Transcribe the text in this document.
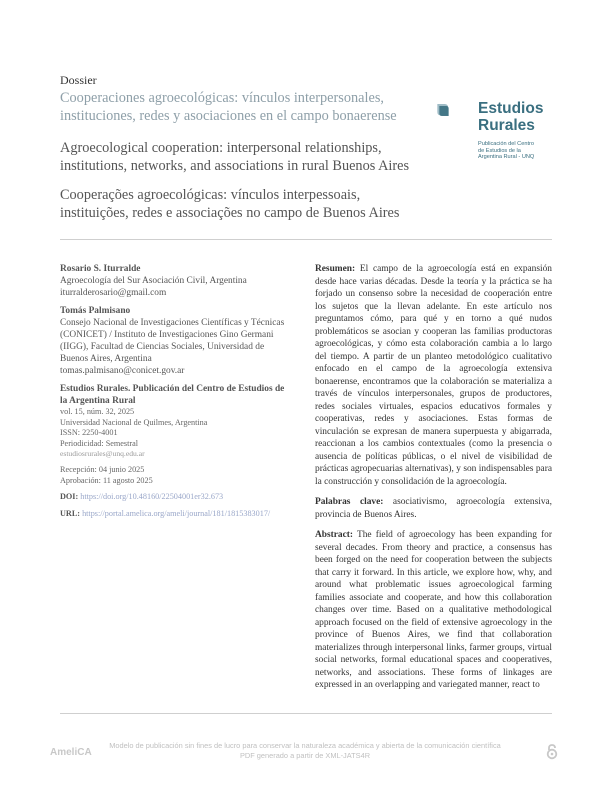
Dossier
Cooperaciones agroecológicas: vínculos interpersonales, instituciones, redes y asociaciones en el campo bonaerense
Agroecological cooperation: interpersonal relationships, institutions, networks, and associations in rural Buenos Aires
Cooperações agroecológicas: vínculos interpessoais, instituições, redes e associações no campo de Buenos Aires
Estudios
Rurales
Publicación del Centro
de Estudios de la
Argentina Rural - UNQ
Rosario S. Iturralde
Agroecología del Sur Asociación Civil, Argentina
iturralderosario@gmail.com
Tomás Palmisano
Consejo Nacional de Investigaciones Científicas y Técnicas (CONICET) / Instituto de Investigaciones Gino Germani (IIGG), Facultad de Ciencias Sociales, Universidad de Buenos Aires, Argentina
tomas.palmisano@conicet.gov.ar
Estudios Rurales. Publicación del Centro de Estudios de la Argentina Rural
vol. 15, núm. 32, 2025
Universidad Nacional de Quilmes, Argentina
ISSN: 2250-4001
Periodicidad: Semestral
estudiosrurales@unq.edu.ar
Recepción: 04 junio 2025
Aprobación: 11 agosto 2025
DOI: https://doi.org/10.48160/22504001er32.673
URL: https://portal.amelica.org/ameli/journal/181/1815383017/

Resumen: El campo de la agroecología está en expansión desde hace varias décadas. Desde la teoría y la práctica se ha forjado un consenso sobre la necesidad de cooperación entre los sujetos que la llevan adelante. En este artículo nos preguntamos cómo, para qué y en torno a qué nudos problemáticos se asocian y cooperan las familias productoras agroecológicas, y cómo esta colaboración cambia a lo largo del tiempo. A partir de un planteo metodológico cualitativo enfocado en el campo de la agroecología extensiva bonaerense, encontramos que la colaboración se materializa a través de vínculos interpersonales, grupos de productores, redes sociales virtuales, espacios educativos formales y cooperativas, redes y asociaciones. Estas formas de vinculación se expresan de manera superpuesta y abigarrada, reaccionan a los cambios contextuales (como la presencia o ausencia de políticas públicas, o el nivel de visibilidad de prácticas agropecuarias alternativas), y son indispensables para la construcción y consolidación de la agroecología.

Palabras clave: asociativismo, agroecología extensiva, provincia de Buenos Aires.

Abstract: The field of agroecology has been expanding for several decades. From theory and practice, a consensus has been forged on the need for cooperation between the subjects that carry it forward. In this article, we explore how, why, and around what problematic issues agroecological farming families associate and cooperate, and how this collaboration changes over time. Based on a qualitative methodological approach focused on the field of extensive agroecology in the province of Buenos Aires, we find that collaboration materializes through interpersonal links, farmer groups, virtual social networks, formal educational spaces and cooperatives, networks, and associations. These forms of linkages are expressed in an overlapping and variegated manner, react to

AmeliCA
Modelo de publicación sin fines de lucro para conservar la naturaleza académica y abierta de la comunicación científica
PDF generado a partir de XML-JATS4R
